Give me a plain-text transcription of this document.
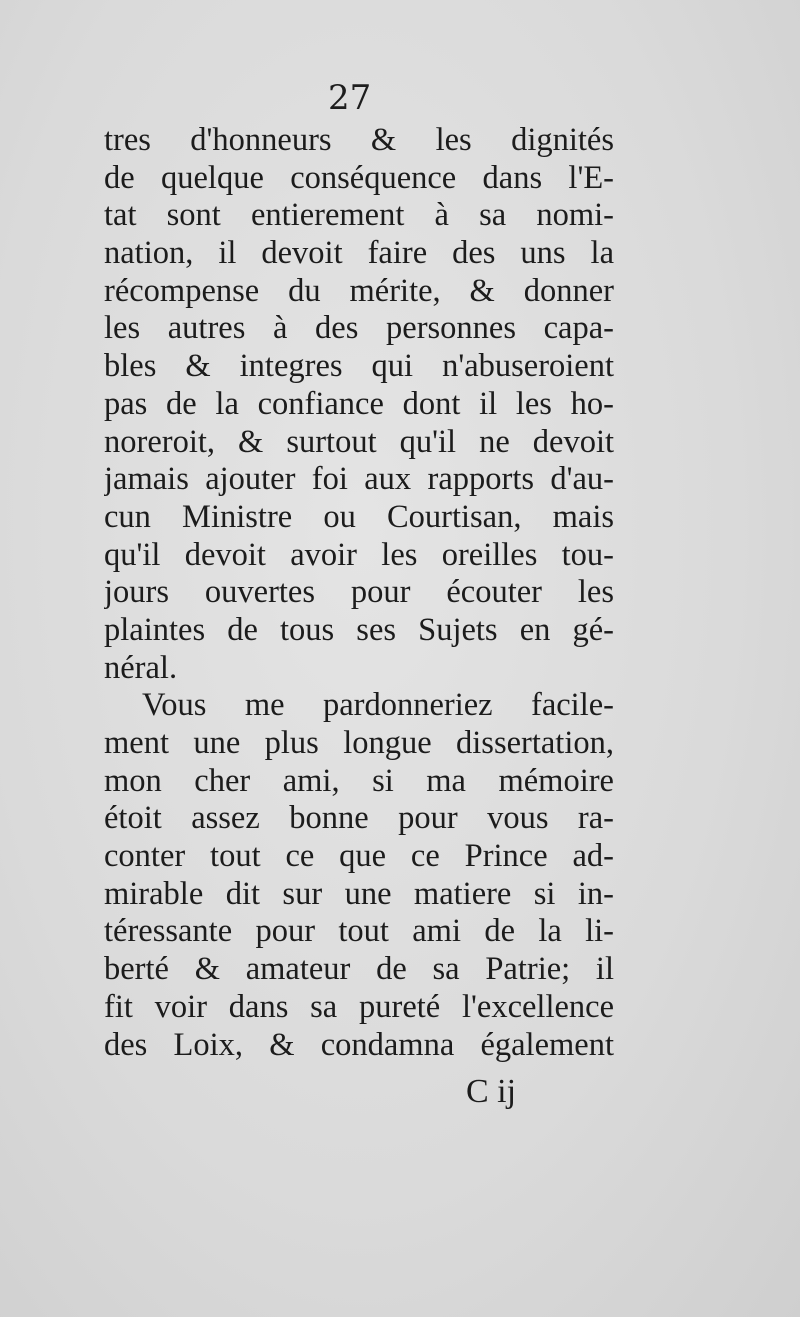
27

tres d'honneurs & les dignités
de quelque conséquence dans l'E-
tat sont entierement à sa nomi-
nation, il devoit faire des uns la
récompense du mérite, & donner
les autres à des personnes capa-
bles & integres qui n'abuseroient
pas de la confiance dont il les ho-
noreroit, & surtout qu'il ne devoit
jamais ajouter foi aux rapports d'au-
cun Ministre ou Courtisan, mais
qu'il devoit avoir les oreilles tou-
jours ouvertes pour écouter les
plaintes de tous ses Sujets en gé-
néral.
Vous me pardonneriez facile-
ment une plus longue dissertation,
mon cher ami, si ma mémoire
étoit assez bonne pour vous ra-
conter tout ce que ce Prince ad-
mirable dit sur une matiere si in-
téressante pour tout ami de la li-
berté & amateur de sa Patrie; il
fit voir dans sa pureté l'excellence
des Loix, & condamna également

C ij
